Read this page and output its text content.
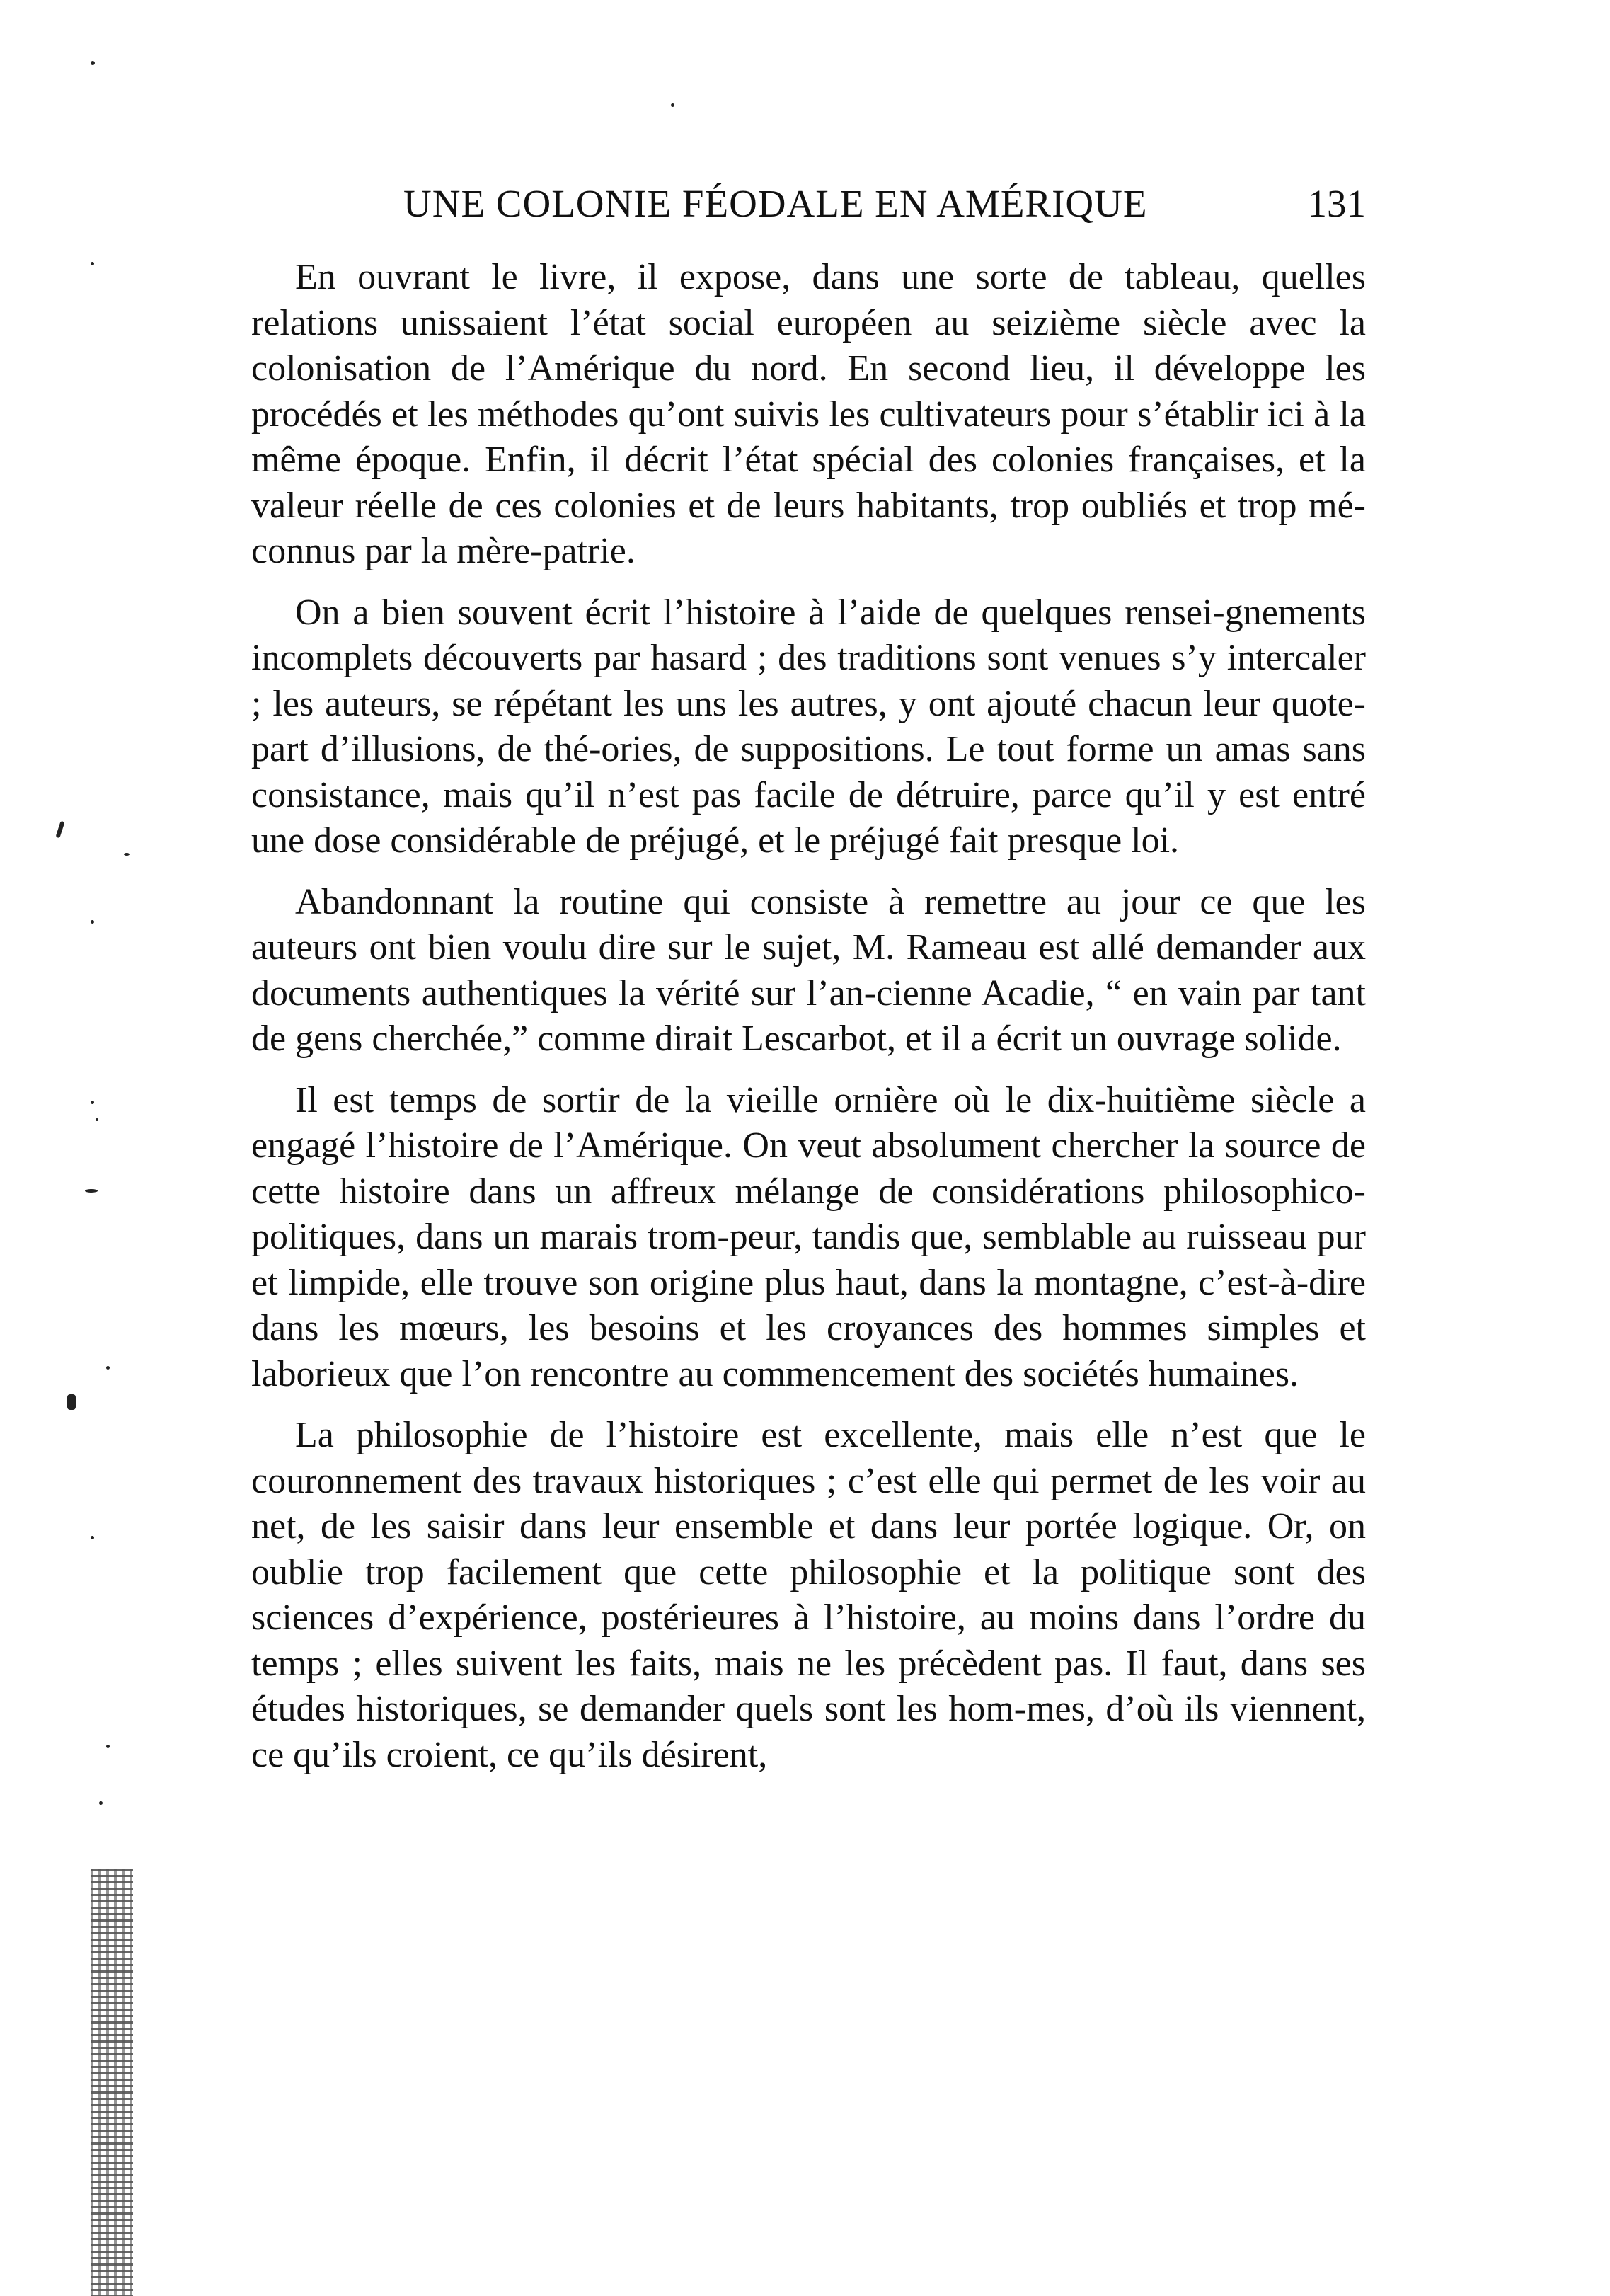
UNE COLONIE FÉODALE EN AMÉRIQUE	131

En ouvrant le livre, il expose, dans une sorte de tableau, quelles relations unissaient l’état social européen au seizième siècle avec la colonisation de l’Amérique du nord. En second lieu, il développe les procédés et les méthodes qu’ont suivis les cultivateurs pour s’établir ici à la même époque. Enfin, il décrit l’état spécial des colonies françaises, et la valeur réelle de ces colonies et de leurs habitants, trop oubliés et trop mé-connus par la mère-patrie.

On a bien souvent écrit l’histoire à l’aide de quelques rensei-gnements incomplets découverts par hasard ; des traditions sont venues s’y intercaler ; les auteurs, se répétant les uns les autres, y ont ajouté chacun leur quote-part d’illusions, de thé-ories, de suppositions. Le tout forme un amas sans consistance, mais qu’il n’est pas facile de détruire, parce qu’il y est entré une dose considérable de préjugé, et le préjugé fait presque loi.

Abandonnant la routine qui consiste à remettre au jour ce que les auteurs ont bien voulu dire sur le sujet, M. Rameau est allé demander aux documents authentiques la vérité sur l’an-cienne Acadie, “ en vain par tant de gens cherchée,” comme dirait Lescarbot, et il a écrit un ouvrage solide.

Il est temps de sortir de la vieille ornière où le dix-huitième siècle a engagé l’histoire de l’Amérique. On veut absolument chercher la source de cette histoire dans un affreux mélange de considérations philosophico-politiques, dans un marais trom-peur, tandis que, semblable au ruisseau pur et limpide, elle trouve son origine plus haut, dans la montagne, c’est-à-dire dans les mœurs, les besoins et les croyances des hommes simples et laborieux que l’on rencontre au commencement des sociétés humaines.

La philosophie de l’histoire est excellente, mais elle n’est que le couronnement des travaux historiques ; c’est elle qui permet de les voir au net, de les saisir dans leur ensemble et dans leur portée logique. Or, on oublie trop facilement que cette philosophie et la politique sont des sciences d’expérience, postérieures à l’histoire, au moins dans l’ordre du temps ; elles suivent les faits, mais ne les précèdent pas. Il faut, dans ses études historiques, se demander quels sont les hom-mes, d’où ils viennent, ce qu’ils croient, ce qu’ils désirent,
